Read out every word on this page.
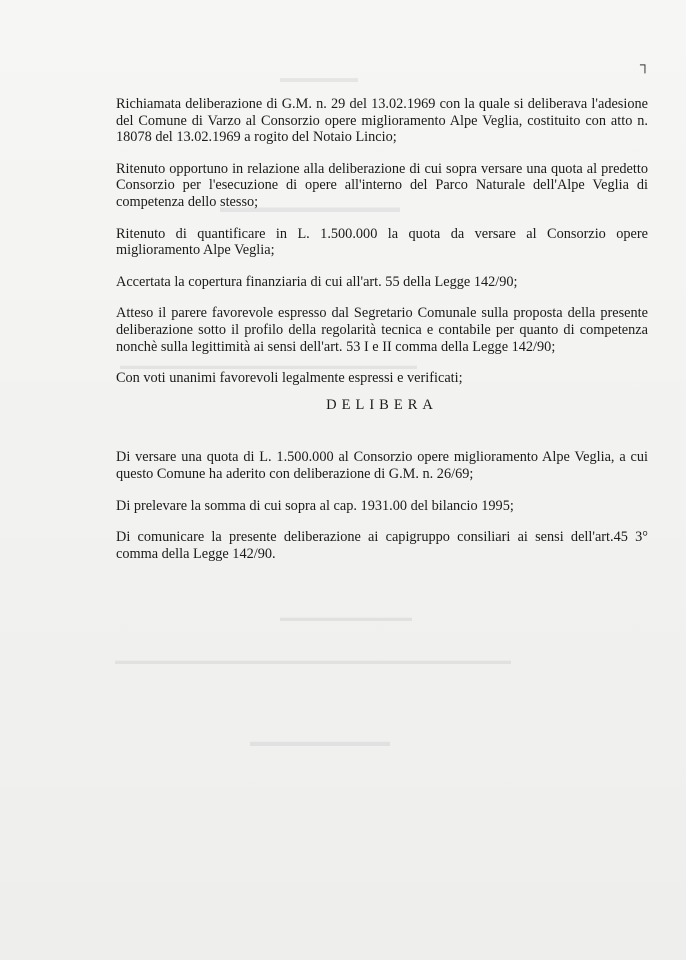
▬▬▬▬▬▬
▬▬▬▬▬▬▬▬▬▬▬▬
▬▬▬▬▬▬▬▬▬▬▬▬▬▬▬▬▬▬▬▬▬▬▬▬▬▬▬
▬▬▬▬▬▬▬▬▬▬▬▬
▬▬▬▬▬▬▬▬▬▬▬▬▬▬▬▬▬▬▬▬▬▬▬▬▬▬▬▬▬▬▬▬▬▬▬▬
▬▬▬▬▬▬▬▬▬▬
┐

Richiamata deliberazione di G.M. n. 29 del 13.02.1969 con la quale si deliberava l'adesione del Comune di Varzo al Consorzio opere miglioramento Alpe Veglia, costituito con atto n. 18078 del 13.02.1969 a rogito del Notaio Lincio;

Ritenuto opportuno in relazione alla deliberazione di cui sopra versare una quota al predetto Consorzio per l'esecuzione di opere all'interno del Parco Naturale dell'Alpe Veglia di competenza dello stesso;

Ritenuto di quantificare in L. 1.500.000 la quota da versare al Consorzio opere miglioramento Alpe Veglia;

Accertata la copertura finanziaria di cui all'art. 55 della Legge 142/90;

Atteso il parere favorevole espresso dal Segretario Comunale sulla proposta della presente deliberazione sotto il profilo della regolarità tecnica e contabile per quanto di competenza nonchè sulla legittimità ai sensi dell'art. 53 I e II comma della Legge 142/90;

Con voti unanimi favorevoli legalmente espressi e verificati;

DELIBERA

Di versare una quota di L. 1.500.000 al Consorzio opere miglioramento Alpe Veglia, a cui questo Comune ha aderito con deliberazione di G.M. n. 26/69;

Di prelevare la somma di cui sopra al cap. 1931.00 del bilancio 1995;

Di comunicare la presente deliberazione ai capigruppo consiliari ai sensi dell'art.45 3° comma della Legge 142/90.
